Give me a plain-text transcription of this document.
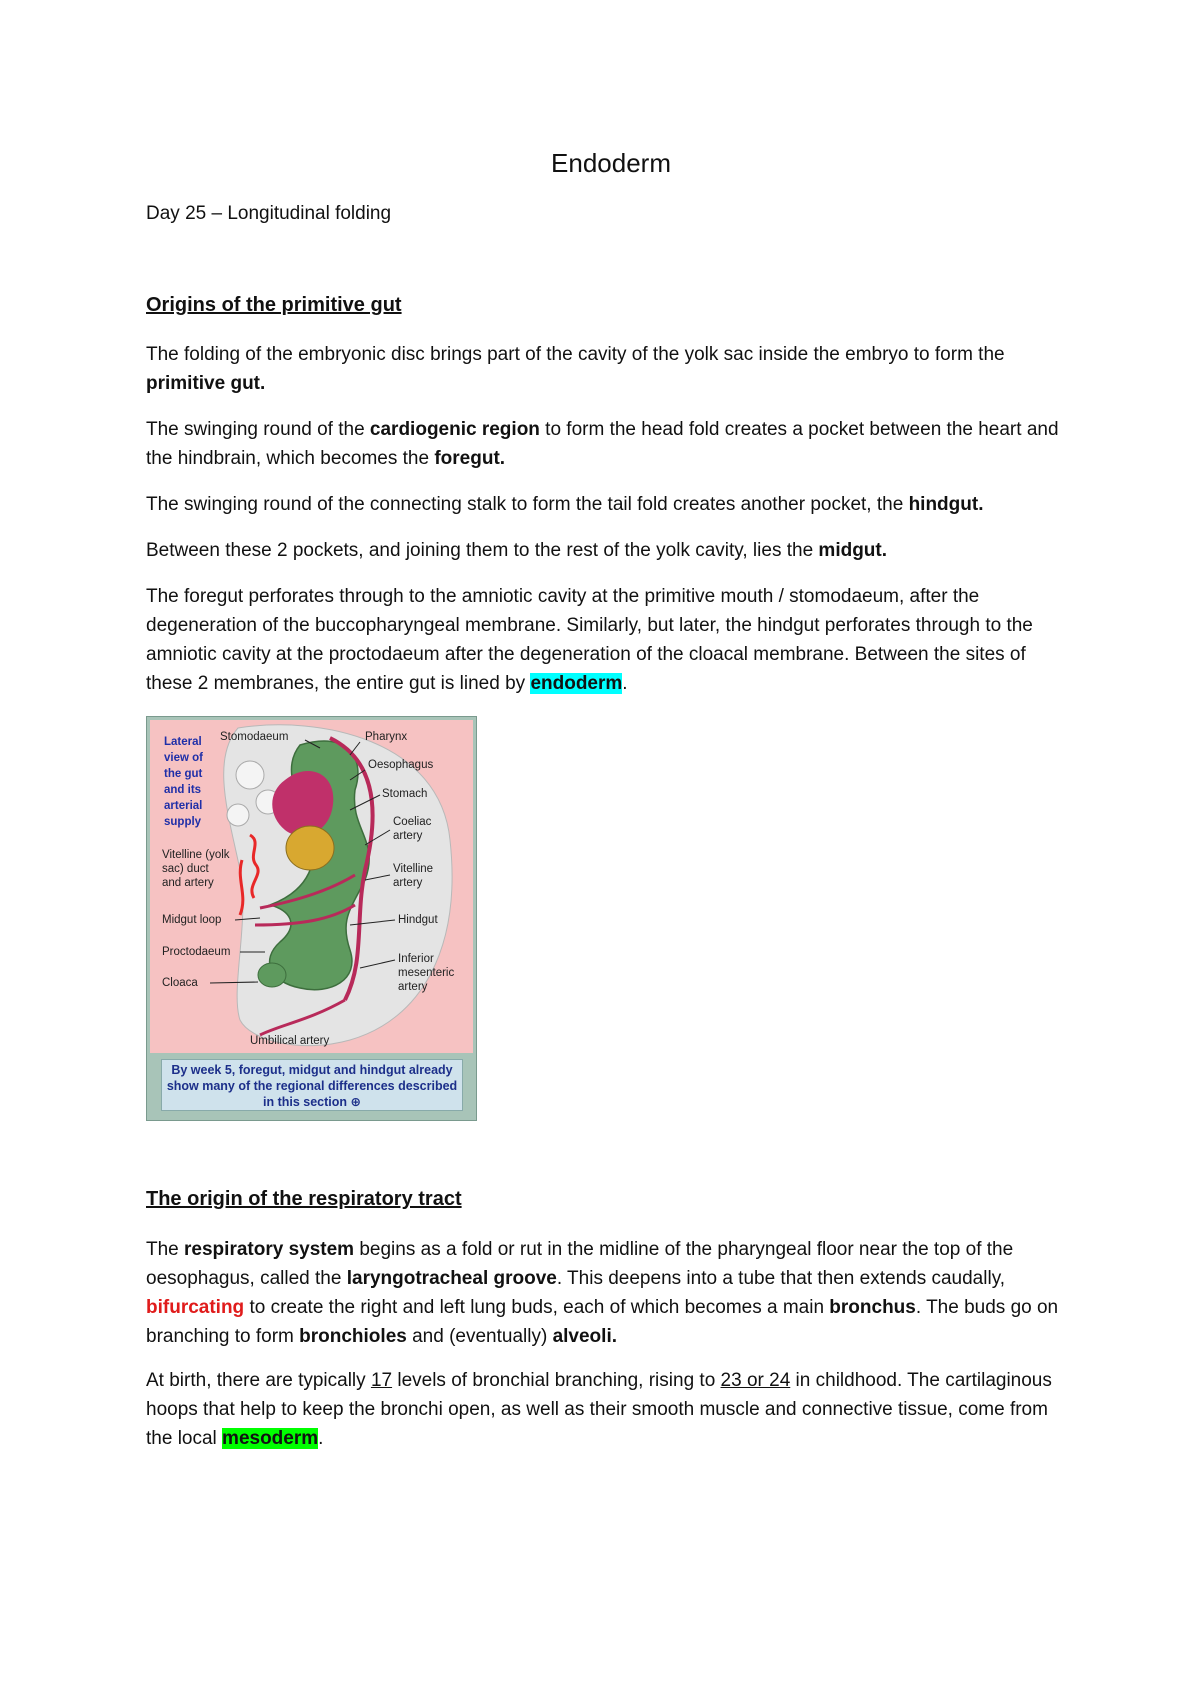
Endoderm
Day 25 – Longitudinal folding
Origins of the primitive gut

The folding of the embryonic disc brings part of the cavity of the yolk sac inside the embryo to form the primitive gut.

The swinging round of the cardiogenic region to form the head fold creates a pocket between the heart and the hindbrain, which becomes the foregut.

The swinging round of the connecting stalk to form the tail fold creates another pocket, the hindgut.

Between these 2 pockets, and joining them to the rest of the yolk cavity, lies the midgut.

The foregut perforates through to the amniotic cavity at the primitive mouth / stomodaeum, after the degeneration of the buccopharyngeal membrane. Similarly, but later, the hindgut perforates through to the amniotic cavity at the proctodaeum after the degeneration of the cloacal membrane. Between the sites of these 2 membranes, the entire gut is lined by endoderm.

The origin of the respiratory tract

The respiratory system begins as a fold or rut in the midline of the pharyngeal floor near the top of the oesophagus, called the laryngotracheal groove. This deepens into a tube that then extends caudally, bifurcating to create the right and left lung buds, each of which becomes a main bronchus. The buds go on branching to form bronchioles and (eventually) alveoli.

At birth, there are typically 17 levels of bronchial branching, rising to 23 or 24 in childhood. The cartilaginous hoops that help to keep the bronchi open, as well as their smooth muscle and connective tissue, come from the local mesoderm.

Lateral view of the gut and its arterial supply
Stomodaeum	Pharynx
Oesophagus
Stomach
Coeliac
artery
Vitelline
artery
Hindgut
Inferior
mesenteric
artery
Umbilical artery
Vitelline (yolk
sac) duct
and artery
Midgut loop
Proctodaeum
Cloaca
By week 5, foregut, midgut and hindgut already show many of the regional differences described in this section ⊕
